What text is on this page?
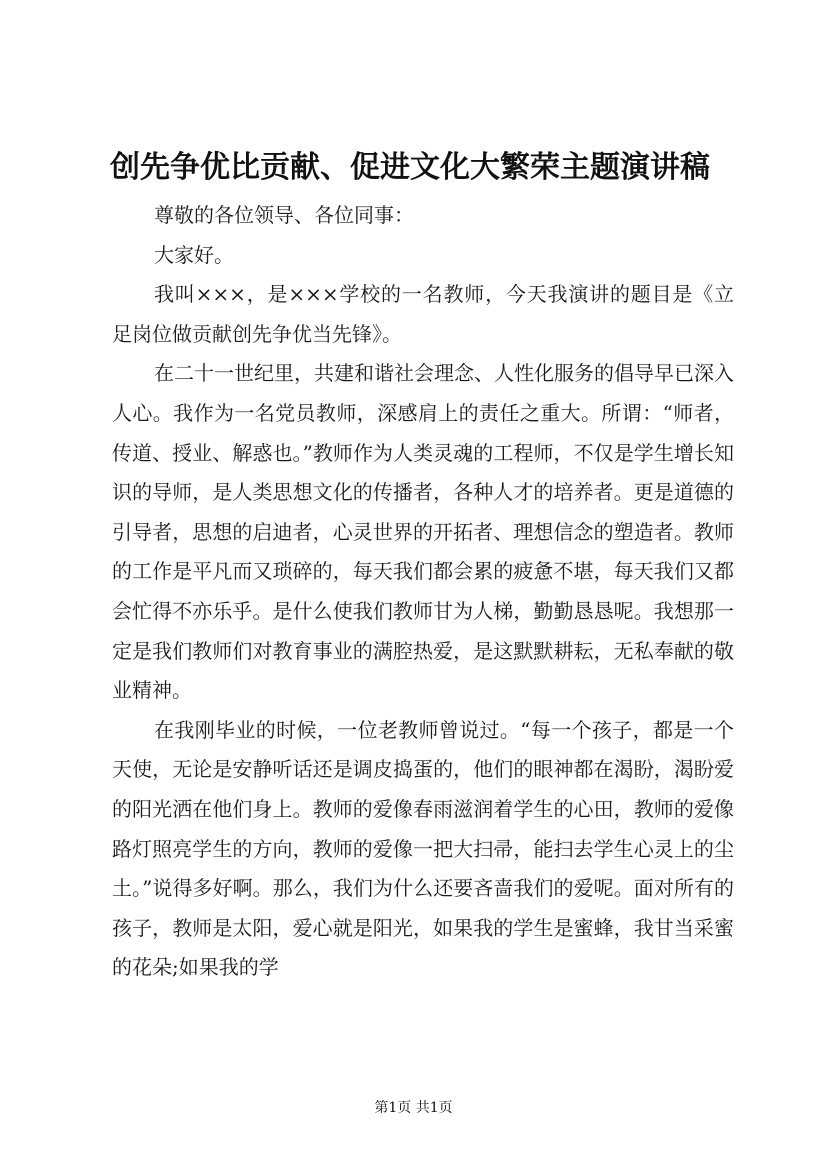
创先争优比贡献、促进文化大繁荣主题演讲稿

尊敬的各位领导、各位同事：

大家好。

我叫×××，是×××学校的一名教师，今天我演讲的题目是《立足岗位做贡献创先争优当先锋》。

在二十一世纪里，共建和谐社会理念、人性化服务的倡导早已深入人心。我作为一名党员教师，深感肩上的责任之重大。所谓：“师者，传道、授业、解惑也。”教师作为人类灵魂的工程师，不仅是学生增长知识的导师，是人类思想文化的传播者，各种人才的培养者。更是道德的引导者，思想的启迪者，心灵世界的开拓者、理想信念的塑造者。教师的工作是平凡而又琐碎的，每天我们都会累的疲惫不堪，每天我们又都会忙得不亦乐乎。是什么使我们教师甘为人梯，勤勤恳恳呢。我想那一定是我们教师们对教育事业的满腔热爱，是这默默耕耘，无私奉献的敬业精神。

在我刚毕业的时候，一位老教师曾说过。“每一个孩子，都是一个天使，无论是安静听话还是调皮捣蛋的，他们的眼神都在渴盼，渴盼爱的阳光洒在他们身上。教师的爱像春雨滋润着学生的心田，教师的爱像路灯照亮学生的方向，教师的爱像一把大扫帚，能扫去学生心灵上的尘土。”说得多好啊。那么，我们为什么还要吝啬我们的爱呢。面对所有的孩子，教师是太阳，爱心就是阳光，如果我的学生是蜜蜂，我甘当采蜜的花朵;如果我的学

第1页 共1页
